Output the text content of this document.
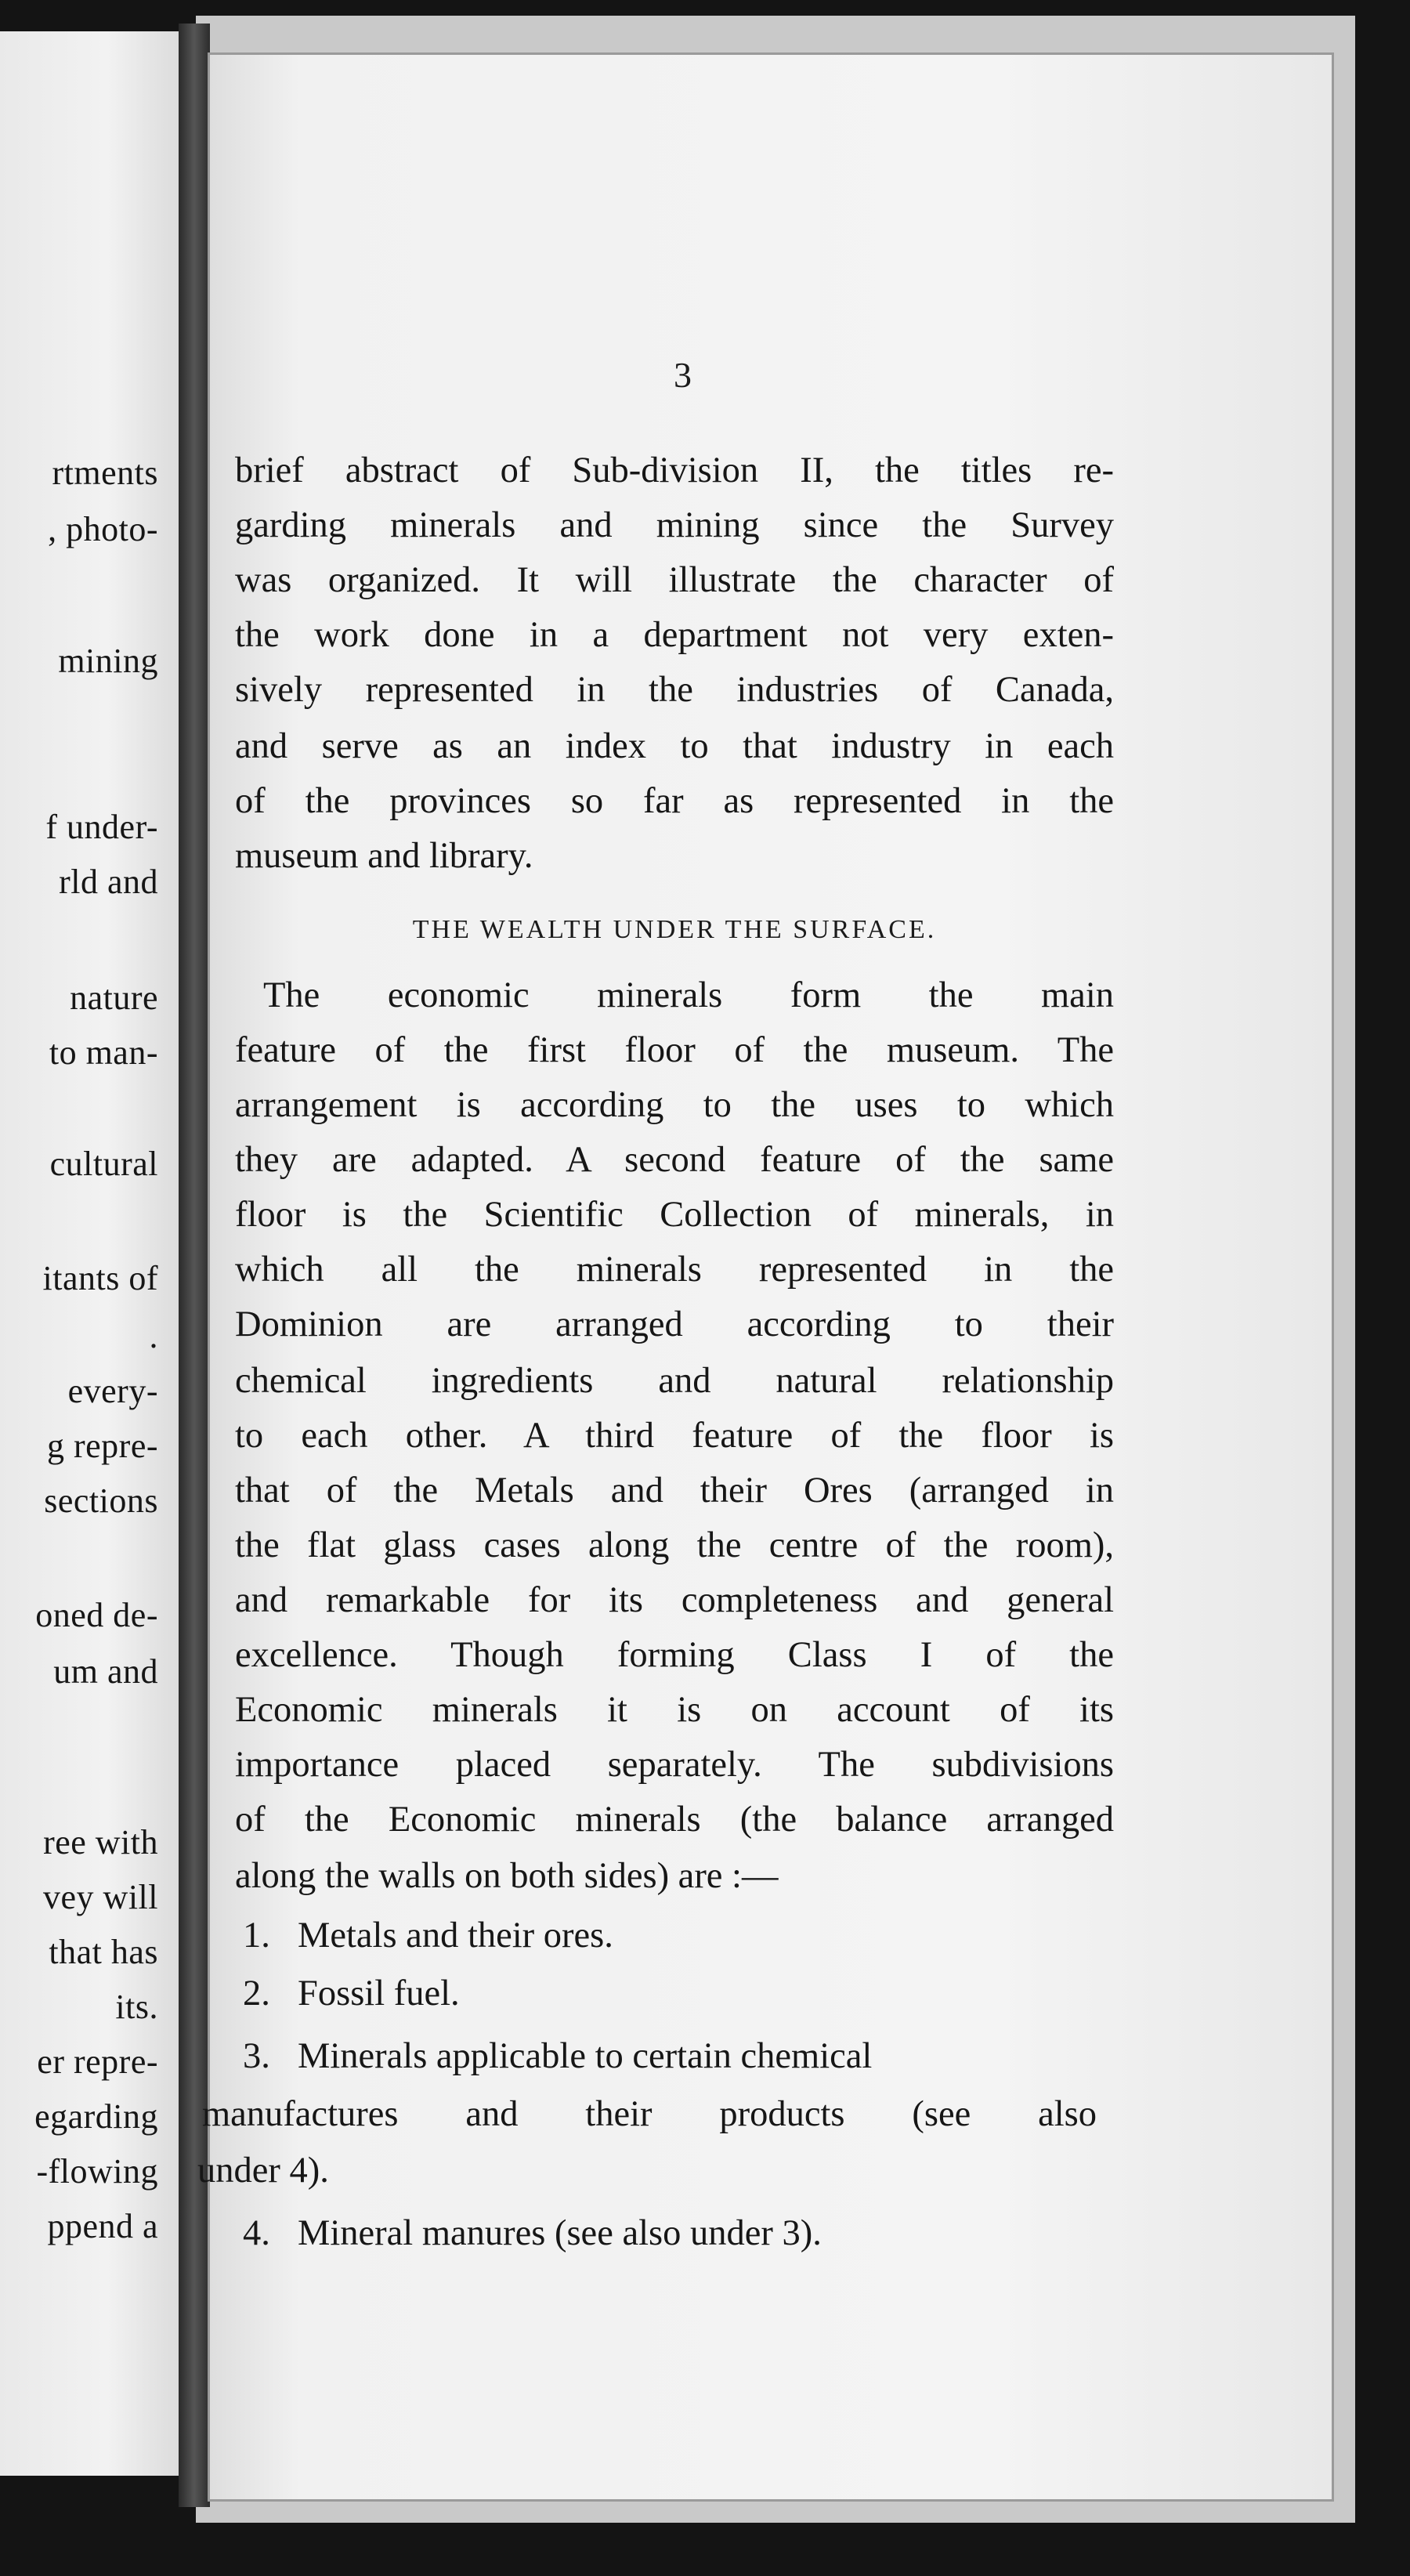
rtments
, photo-
mining
f under-
rld and
nature
to man-
cultural
itants of
.
every-
g repre-
sections
oned de-
um and
ree with
vey will
that has
its.
er repre-
egarding
-flowing
ppend a
3
brief abstract of Sub-division II, the titles re-
garding minerals and mining since the Survey
was organized. It will illustrate the character of
the work done in a department not very exten-
sively represented in the industries of Canada,
and serve as an index to that industry in each
of the provinces so far as represented in the
museum and library.
THE WEALTH UNDER THE SURFACE.
The economic minerals form the main
feature of the first floor of the museum. The
arrangement is according to the uses to which
they are adapted. A second feature of the same
floor is the Scientific Collection of minerals, in
which all the minerals represented in the
Dominion are arranged according to their
chemical ingredients and natural relationship
to each other. A third feature of the floor is
that of the Metals and their Ores (arranged in
the flat glass cases along the centre of the room),
and remarkable for its completeness and general
excellence. Though forming Class I of the
Economic minerals it is on account of its
importance placed separately. The subdivisions
of the Economic minerals (the balance arranged
along the walls on both sides) are :—
1. Metals and their ores.
2. Fossil fuel.
3. Minerals applicable to certain chemical
manufactures and their products (see also
under 4).
4. Mineral manures (see also under 3).
